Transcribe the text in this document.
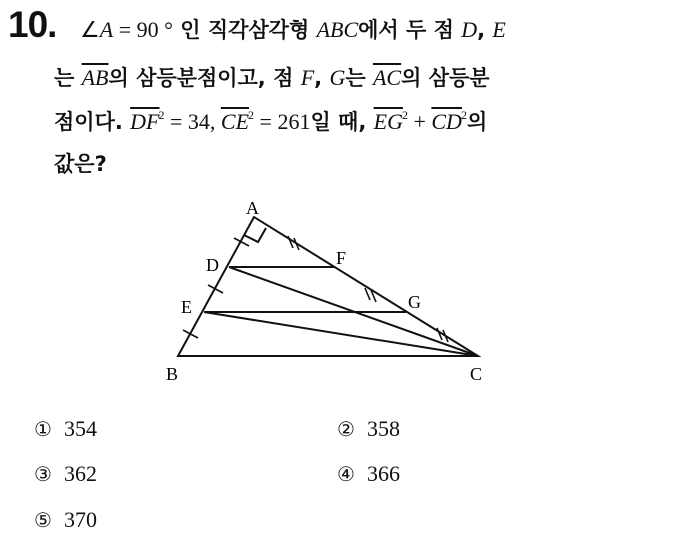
10. ∠A = 90 ° 인 직각삼각형 ABC에서 두 점 D, E
는 $\overline{AB}$의 삼등분점이고, 점 F, G는 $\overline{AC}$의 삼등분
점이다. $\overline{DF}^2 = 34$, $\overline{CE}^2 = 261$일 때, $\overline{EG}^2 + \overline{CD}^2$의
값은?
A
D	F
E	G
B	C
① 354	② 358
③ 362	④ 366
⑤ 370
